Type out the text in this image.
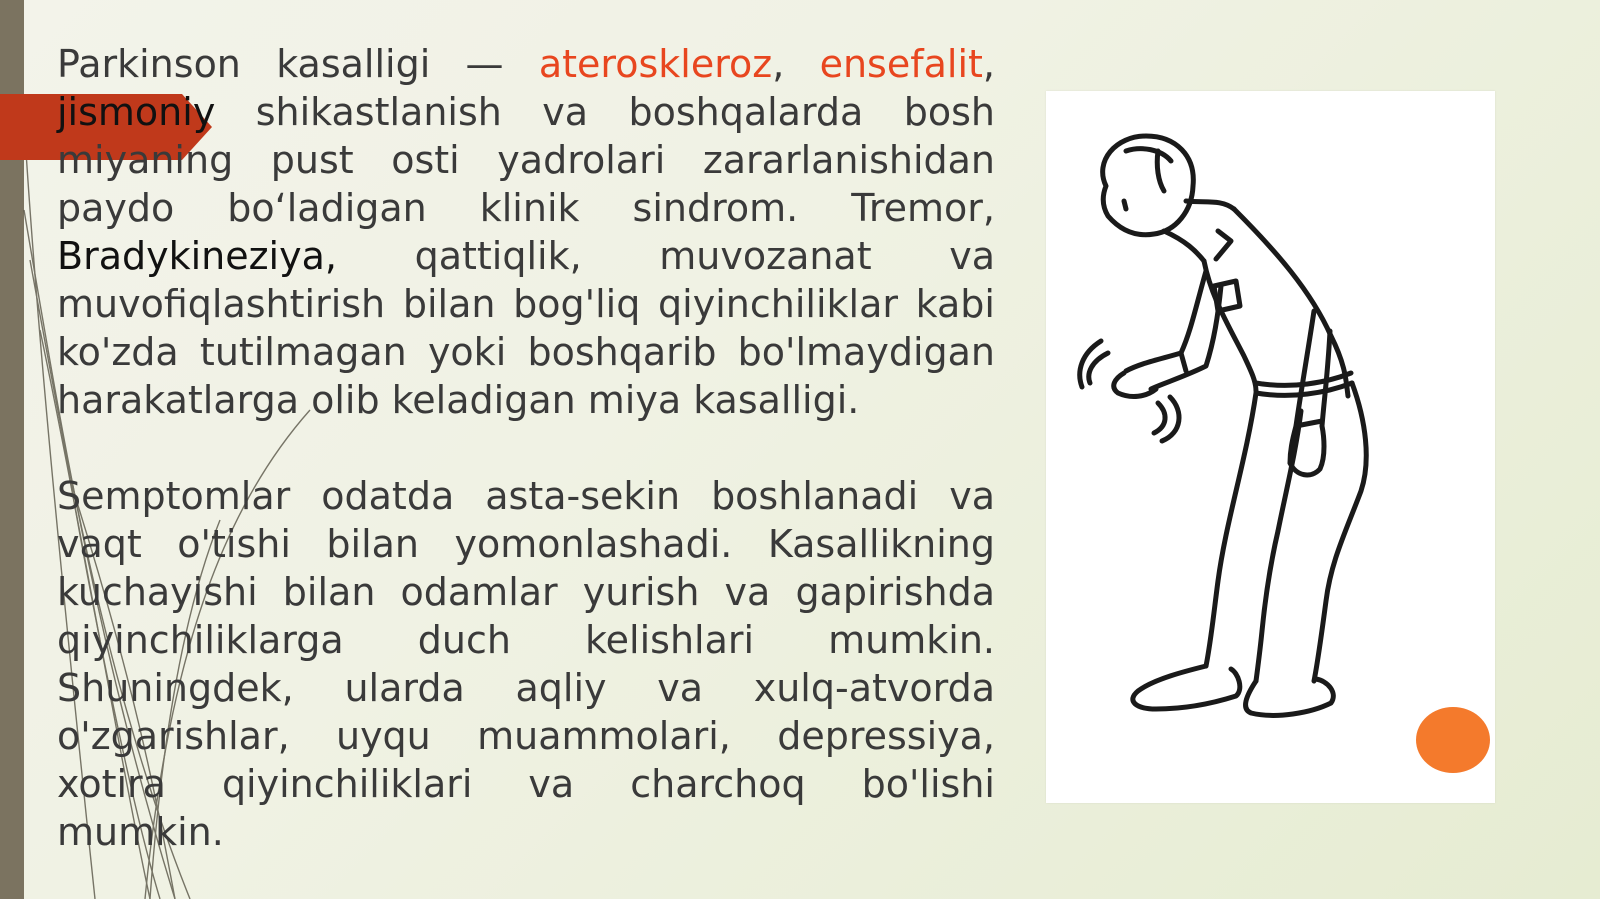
Parkinson kasalligi — ateroskleroz, ensefalit, jismoniy shikastlanish va boshqalarda bosh miyaning pust osti yadrolari zararlanishidan paydo boʻladigan klinik sindrom. Tremor, Bradykineziya, qattiqlik, muvozanat va muvofiqlashtirish bilan bog'liq qiyinchiliklar kabi ko'zda tutilmagan yoki boshqarib bo'lmaydigan harakatlarga olib keladigan miya kasalligi.

Semptomlar odatda asta-sekin boshlanadi va vaqt o'tishi bilan yomonlashadi. Kasallikning kuchayishi bilan odamlar yurish va gapirishda qiyinchiliklarga duch kelishlari mumkin. Shuningdek, ularda aqliy va xulq-atvorda o'zgarishlar, uyqu muammolari, depressiya, xotira qiyinchiliklari va charchoq bo'lishi mumkin.
